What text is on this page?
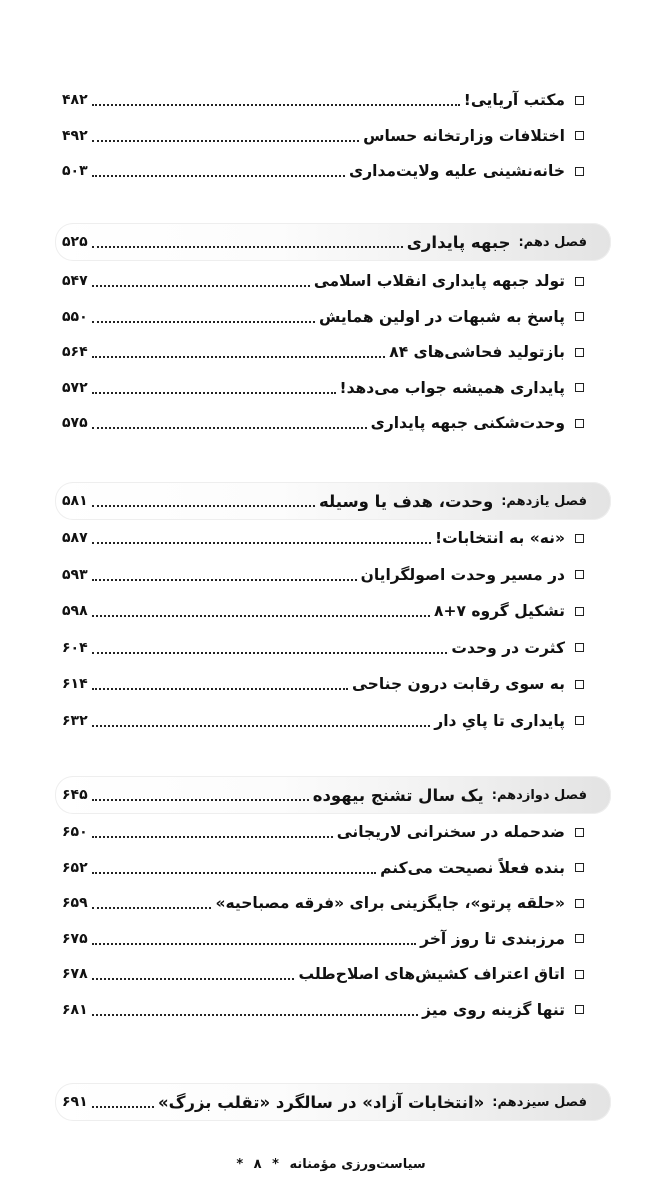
مکتب آریایی!
۴۸۲
اختلافات وزارتخانه حساس
۴۹۲
خانه‌نشینی علیه ولایت‌مداری
۵۰۳
فصل دهم:
جبهه پایداری
۵۲۵
تولد جبهه پایداری انقلاب اسلامی
۵۴۷
پاسخ به شبهات در اولین همایش
۵۵۰
بازتولید فحاشی‌های ۸۴
۵۶۴
پایداری همیشه جواب می‌دهد!
۵۷۲
وحدت‌شکنی جبهه پایداری
۵۷۵
فصل یازدهم:
وحدت، هدف یا وسیله
۵۸۱
«نه» به انتخابات!
۵۸۷
در مسیر وحدت اصولگرایان
۵۹۳
تشکیل گروه ۷+۸
۵۹۸
کثرت در وحدت
۶۰۴
به سوی رقابت درون جناحی
۶۱۴
پایداری تا پایِ دار
۶۳۲
فصل دوازدهم:
یک سال تشنج بیهوده
۶۴۵
ضدحمله در سخنرانی لاریجانی
۶۵۰
بنده فعلاً نصیحت می‌کنم
۶۵۲
«حلقه پرتو»، جایگزینی برای «فرقه مصباحیه»
۶۵۹
مرزبندی تا روز آخر
۶۷۵
اتاق اعتراف کشیش‌های اصلاح‌طلب
۶۷۸
تنها گزینه روی میز
۶۸۱
فصل سیزدهم:
«انتخابات آزاد» در سالگرد «تقلب بزرگ»
۶۹۱
سیاست‌ورزی مؤمنانه * ۸ *
